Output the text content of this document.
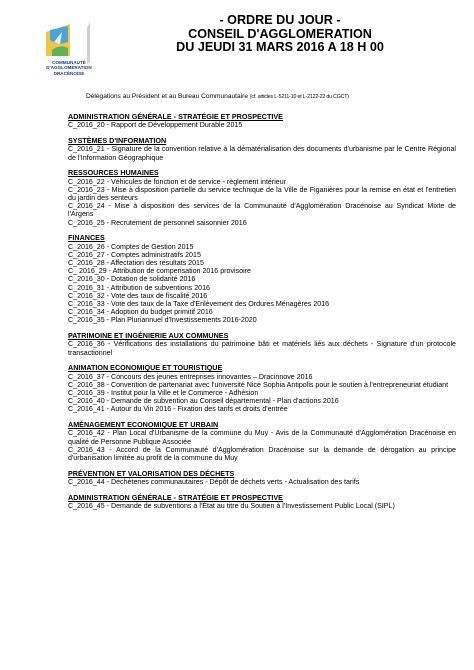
COMMUNAUTÉ
D'AGGLOMÉRATION
DRACÉNOISE
- ORDRE DU JOUR -
CONSEIL D'AGGLOMERATION
DU JEUDI 31 MARS 2016 A 18 H 00
Délégations au Président et au Bureau Communautaire (cf. articles L-5211-10 et L-2122-22 du CGCT)
ADMINISTRATION GÉNÉRALE - STRATÉGIE ET PROSPECTIVE
C_2016_20 - Rapport de Développement Durable 2015
SYSTÈMES D'INFORMATION
C_2016_21 - Signature de la convention relative à la dématérialisation des documents d'urbanisme par le Centre Régional de l'Information Géographique
RESSOURCES HUMAINES
C_2016_22 - Véhicules de fonction et de service - règlement intérieur
C_2016_23 - Mise à disposition partielle du service technique de la Ville de Figanières pour la remise en état et l'entretien du jardin des senteurs
C_2016_24 - Mise à disposition des services de la Communauté d'Agglomération Dracénoise au Syndicat Mixte de l'Argens
C_2016_25 - Recrutement de personnel saisonnier 2016
FINANCES
C_2016_26 - Comptes de Gestion 2015
C_2016_27 - Comptes administratifs 2015
C_2016_28 - Affectation des résultats 2015
C_ 2016_29 - Attribution de compensation 2016 provisoire
C_2016_30 - Dotation de solidarité 2016
C_2016_31 - Attribution de subventions 2016
C_2016_32 - Vote des taux de fiscalité 2016
C_2016_33 - Vote des taux de la Taxe d'Enlèvement des Ordures Ménagères 2016
C_2016_34 - Adoption du budget primitif 2016
C_2016_35 - Plan Pluriannuel d'Investissements 2016-2020
PATRIMOINE ET INGÉNIERIE AUX COMMUNES
C_2016_36 - Vérifications des installations du patrimoine bâti et matériels liés aux déchets - Signature d'un protocole transactionnel
ANIMATION ECONOMIQUE ET TOURISTIQUE
C_2016_37 - Concours des jeunes entreprises innovantes – Dracinnove 2016
C_2016_38 - Convention de partenariat avec l'université Nice Sophia Antipolis pour le soutien à l'entrepreneuriat étudiant
C_2016_39 - Institut pour la Ville et le Commerce - Adhésion
C_2016_40 - Demande de subvention au Conseil départemental - Plan d'actions 2016
C_2016_41 - Autour du Vin 2016 - Fixation des tarifs et droits d'entrée
AMÉNAGEMENT ECONOMIQUE ET URBAIN
C_2016_42 - Plan Local d'Urbanisme de la commune du Muy - Avis de la Communauté d'Agglomération Dracénoise en qualité de Personne Publique Associée
C_2016_43 - Accord de la Communauté d'Agglomération Dracénoise sur la demande de dérogation au principe d'urbanisation limitée au profit de la commune du Muy
PRÉVENTION ET VALORISATION DES DÉCHETS
C_2016_44 - Déchèteries communautaires - Dépôt de déchets verts - Actualisation des tarifs
ADMINISTRATION GÉNÉRALE - STRATÉGIE ET PROSPECTIVE
C_2016_45 - Demande de subventions à l'État au titre du Soutien à l'Investissement Public Local (SIPL)
